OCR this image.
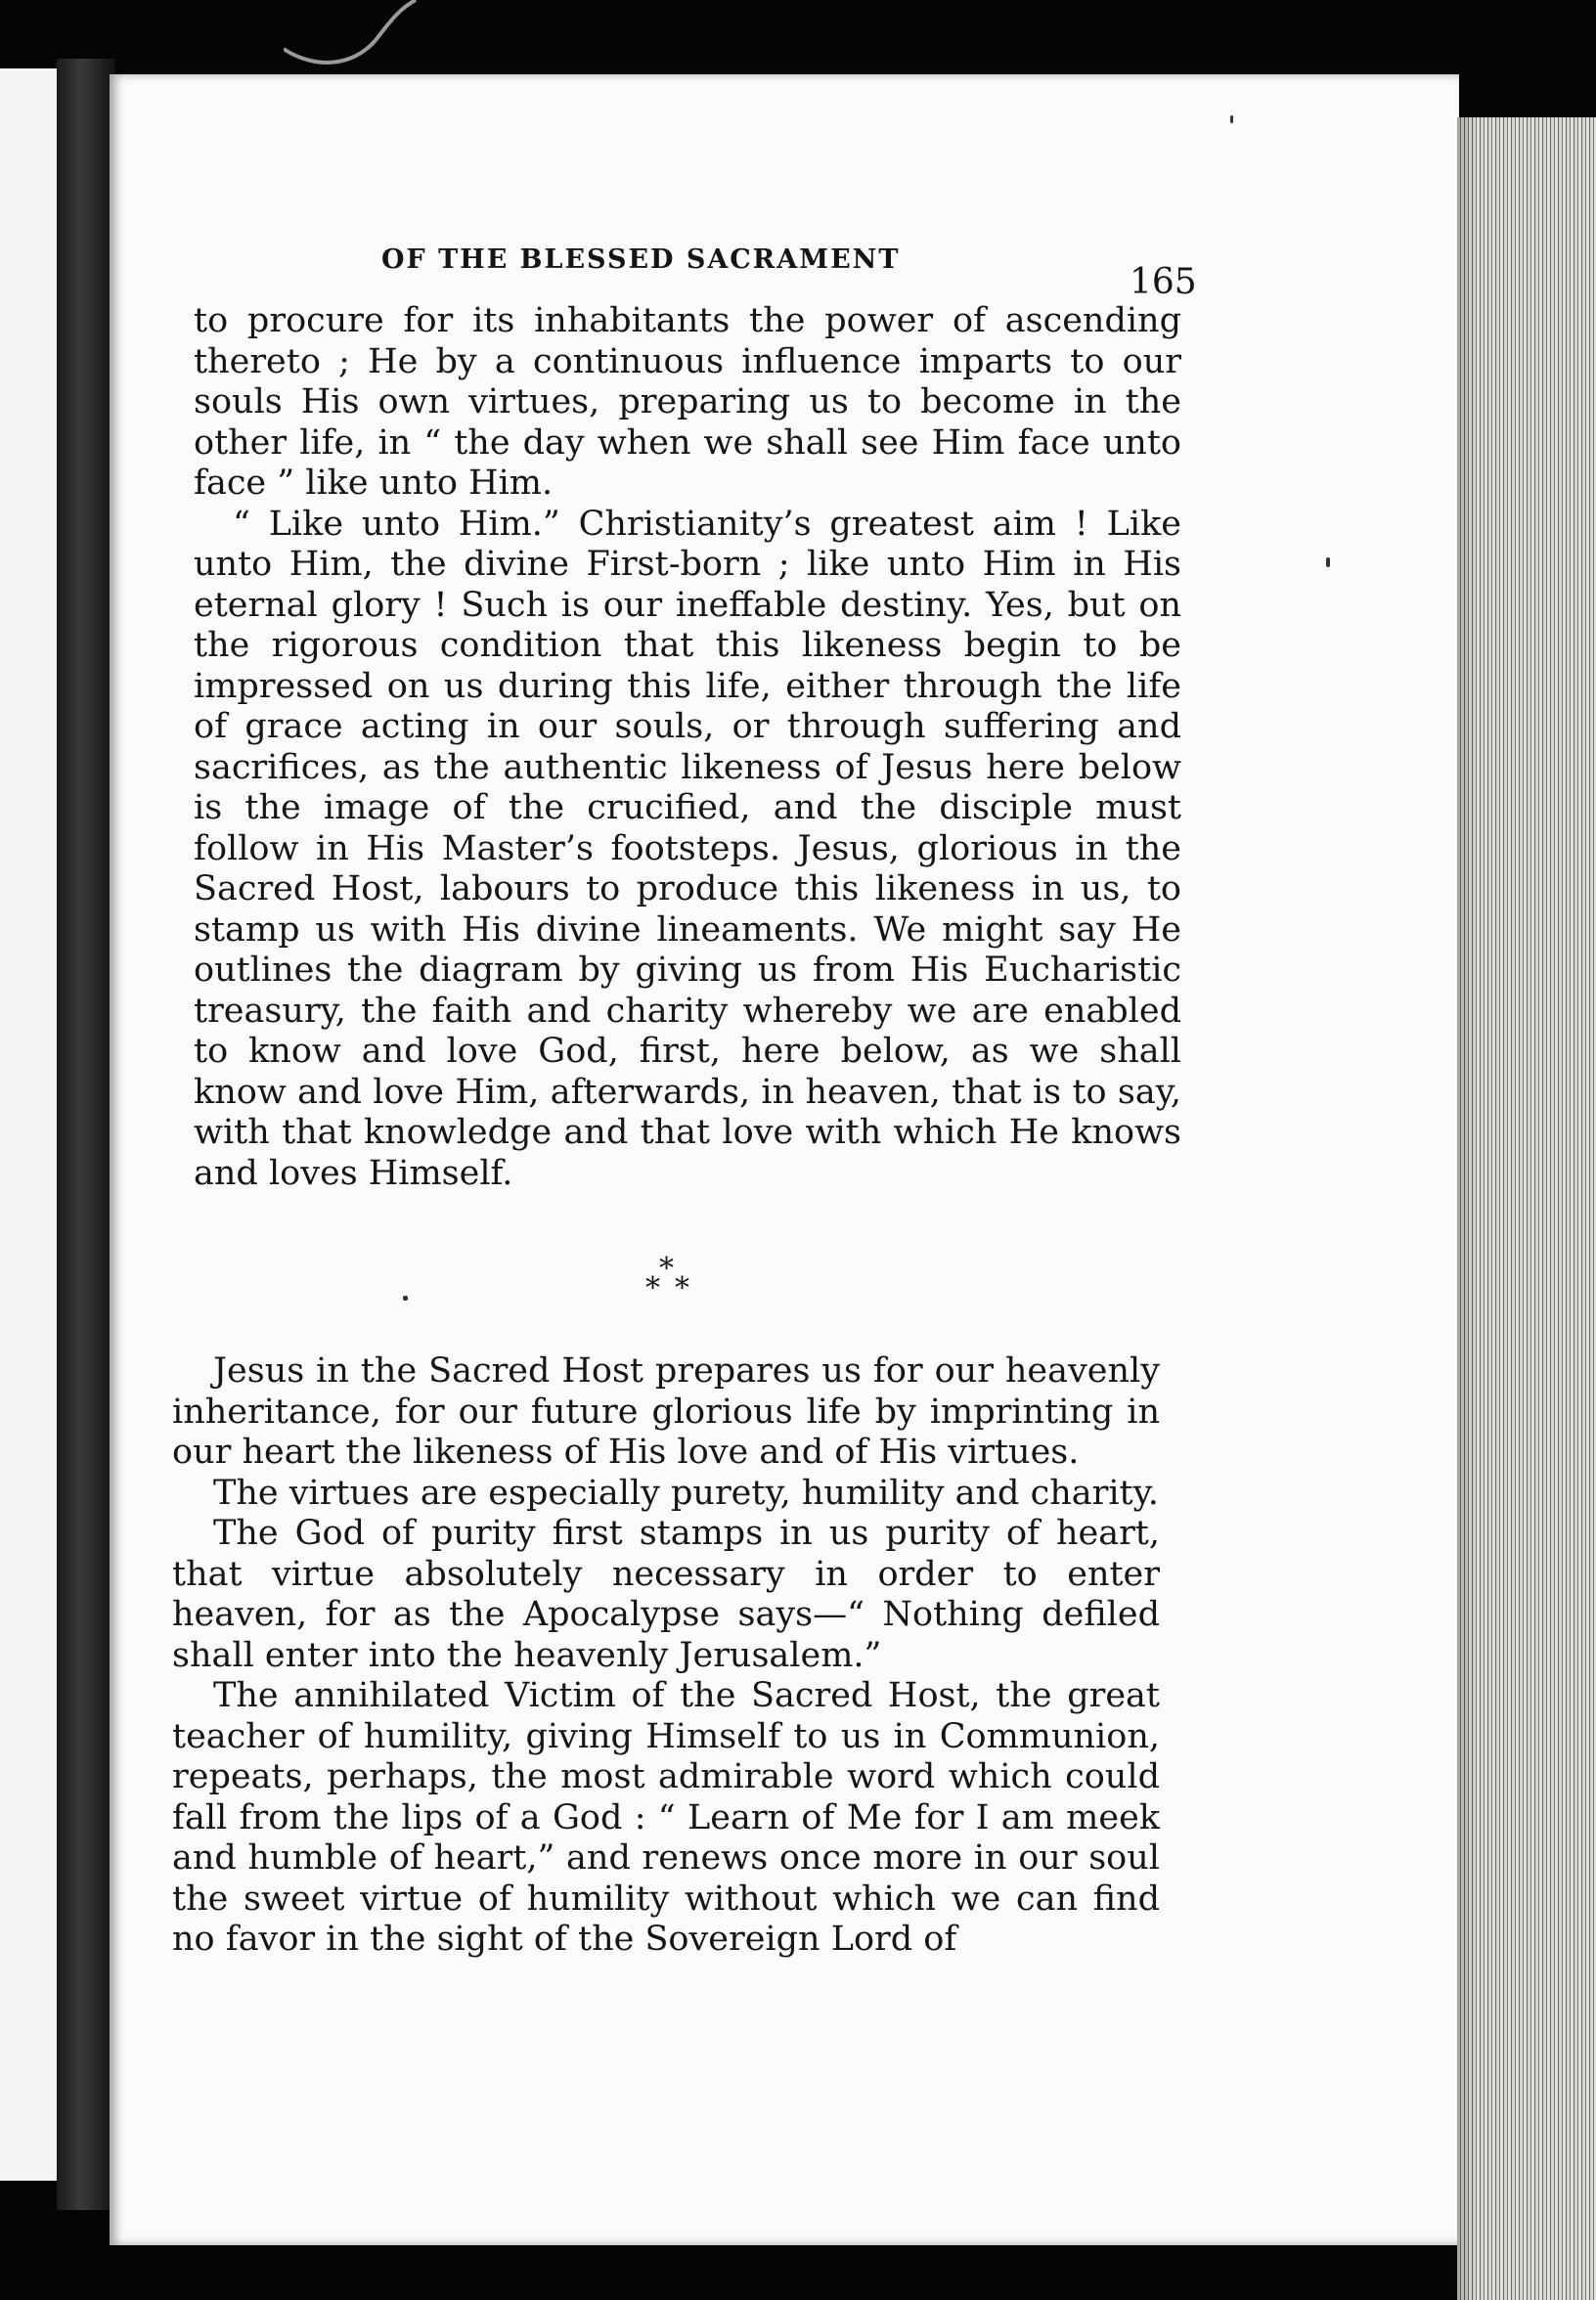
OF THE BLESSED SACRAMENT
165

to procure for its inhabitants the power of ascending thereto ; He by a continuous influence imparts to our souls His own virtues, preparing us to become in the other life, in “ the day when we shall see Him face unto face ” like unto Him.

“ Like unto Him.” Christianity’s greatest aim ! Like unto Him, the divine First-born ; like unto Him in His eternal glory ! Such is our ineffable destiny. Yes, but on the rigorous condition that this likeness begin to be impressed on us during this life, either through the life of grace acting in our souls, or through suffering and sacrifices, as the authentic likeness of Jesus here below is the image of the crucified, and the disciple must follow in His Master’s footsteps. Jesus, glorious in the Sacred Host, labours to produce this likeness in us, to stamp us with His divine lineaments. We might say He outlines the diagram by giving us from His Eucharistic treasury, the faith and charity whereby we are enabled to know and love God, first, here below, as we shall know and love Him, afterwards, in heaven, that is to say, with that knowledge and that love with which He knows and loves Himself.

*
* *

Jesus in the Sacred Host prepares us for our heavenly inheritance, for our future glorious life by imprinting in our heart the likeness of His love and of His virtues.

The virtues are especially purety, humility and charity.

The God of purity first stamps in us purity of heart, that virtue absolutely necessary in order to enter heaven, for as the Apocalypse says—“ Nothing defiled shall enter into the heavenly Jerusalem.”

The annihilated Victim of the Sacred Host, the great teacher of humility, giving Himself to us in Communion, repeats, perhaps, the most admirable word which could fall from the lips of a God : “ Learn of Me for I am meek and humble of heart,” and renews once more in our soul the sweet virtue of humility without which we can find no favor in the sight of the Sovereign Lord of
